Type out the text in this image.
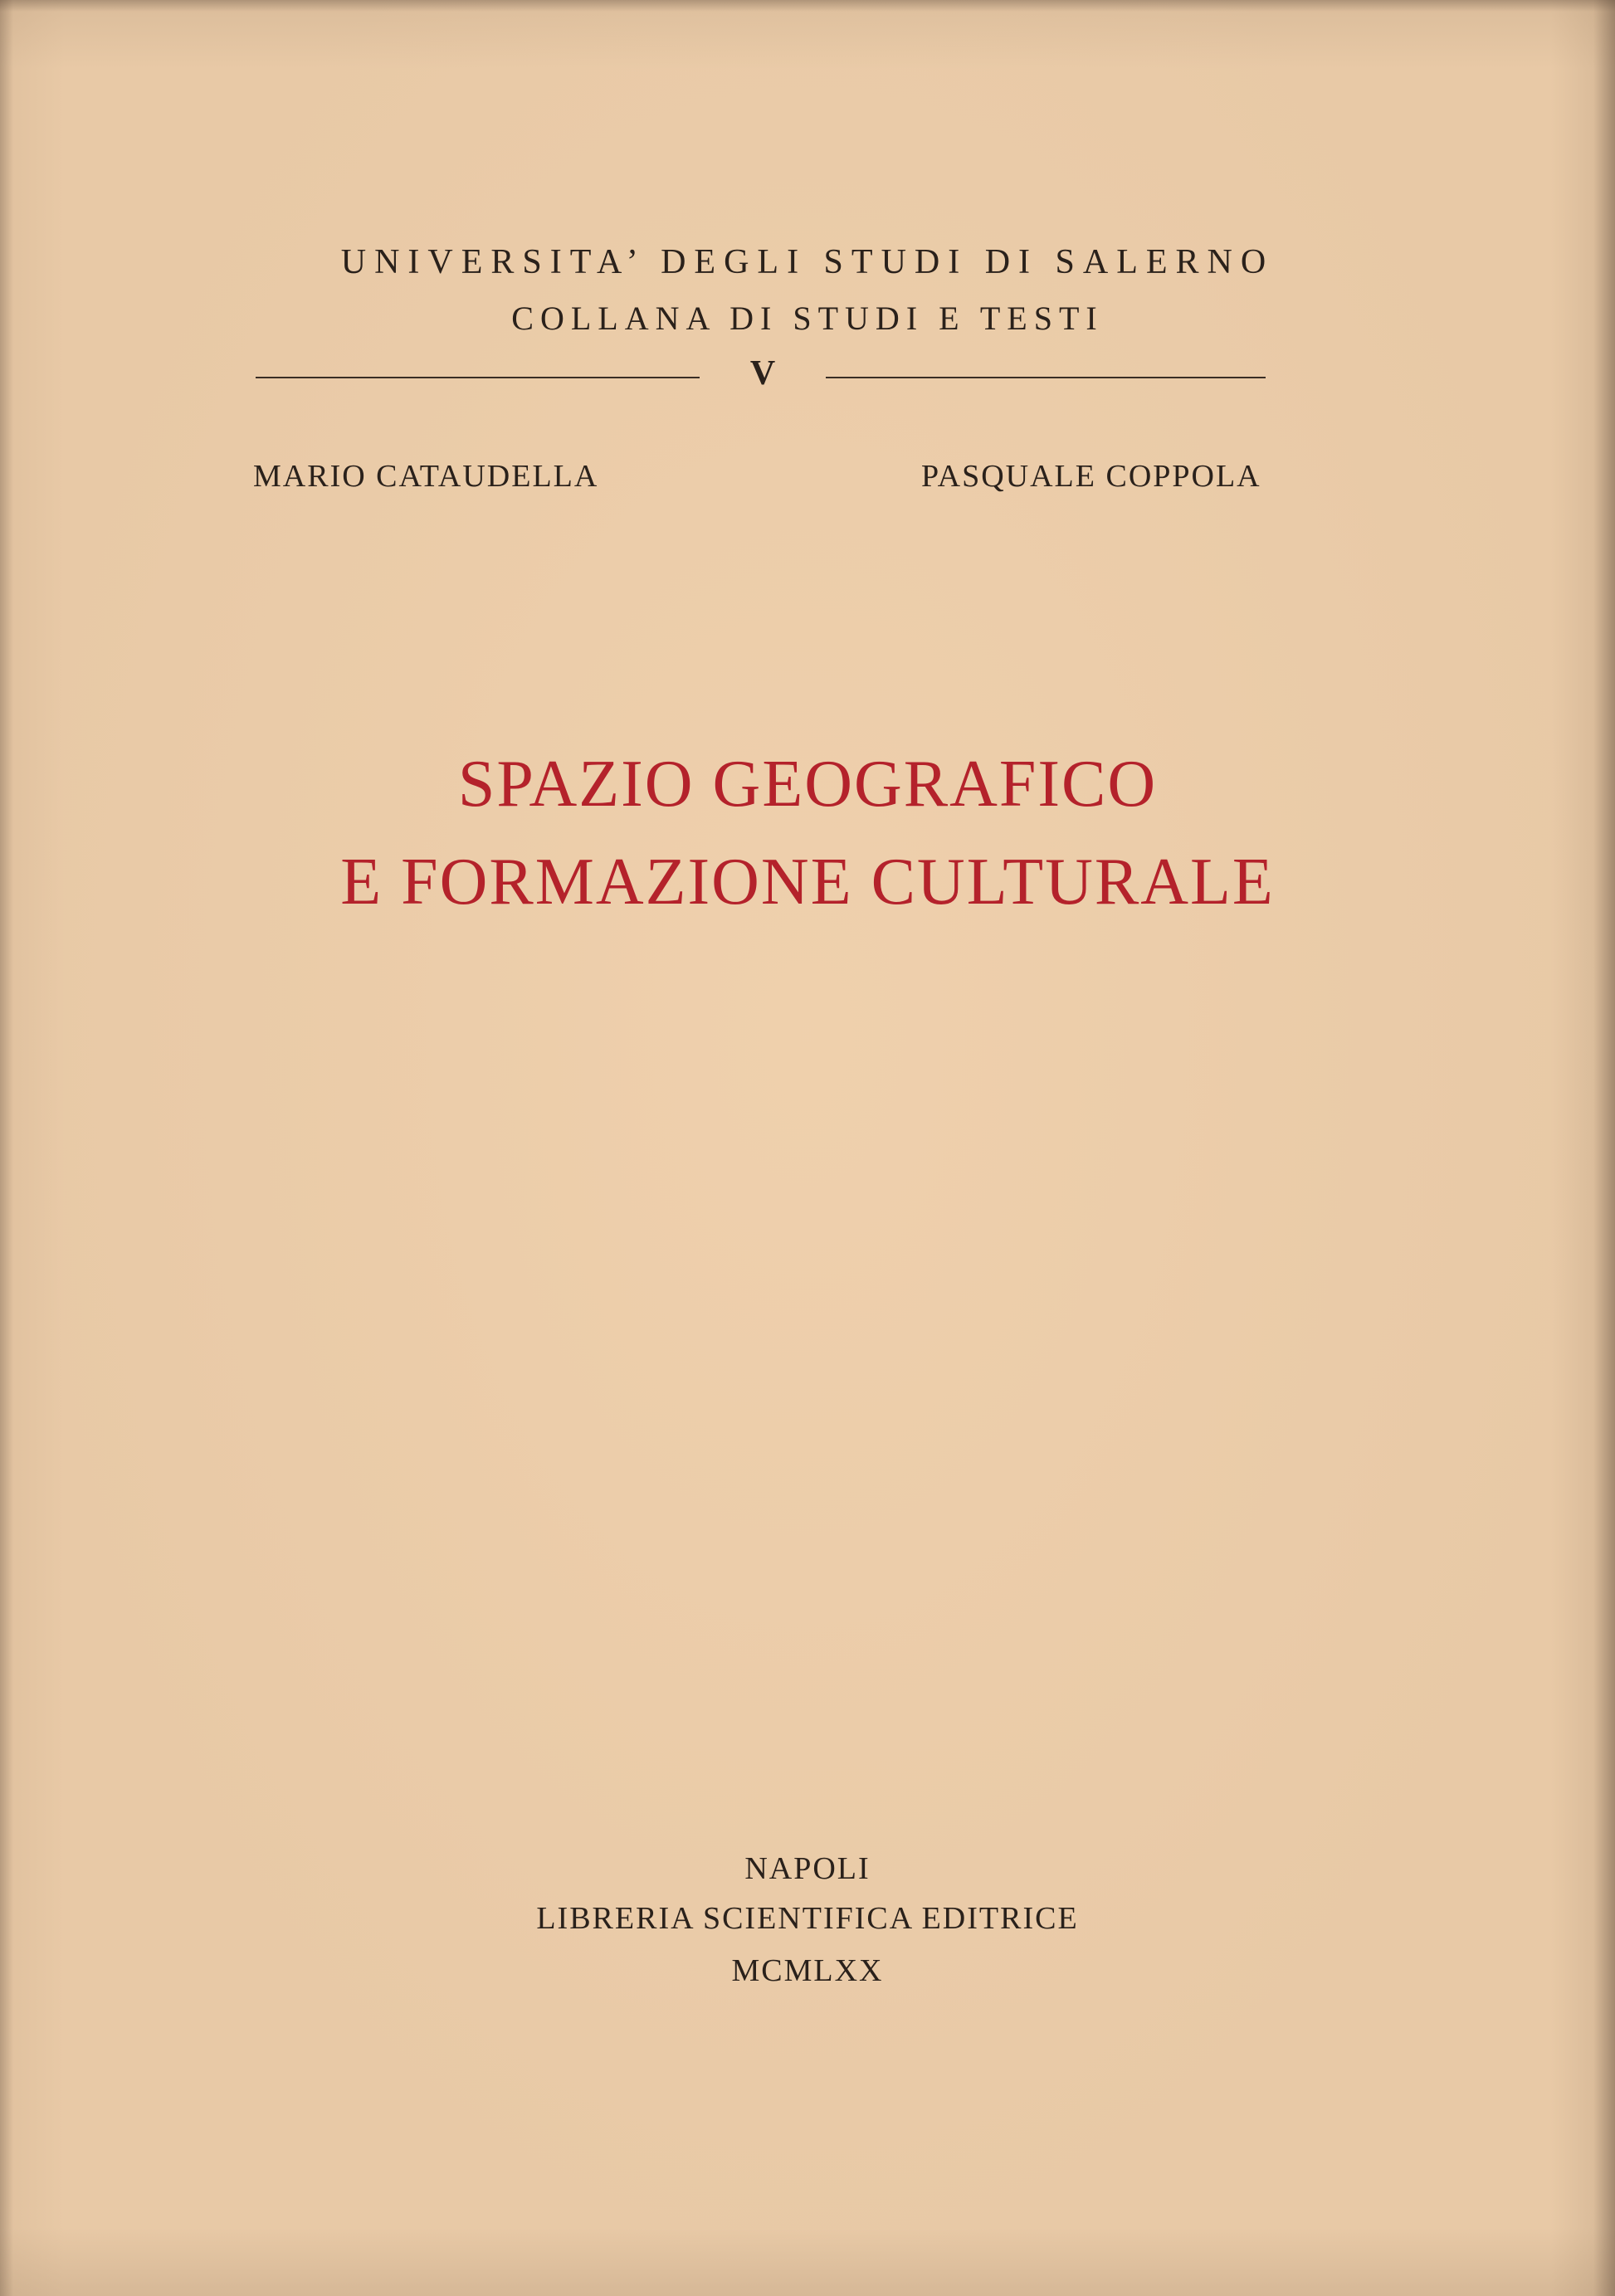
UNIVERSITA’ DEGLI STUDI DI SALERNO
COLLANA DI STUDI E TESTI
V
MARIO CATAUDELLA	PASQUALE COPPOLA
SPAZIO GEOGRAFICO
E FORMAZIONE CULTURALE
NAPOLI
LIBRERIA SCIENTIFICA EDITRICE
MCMLXX
